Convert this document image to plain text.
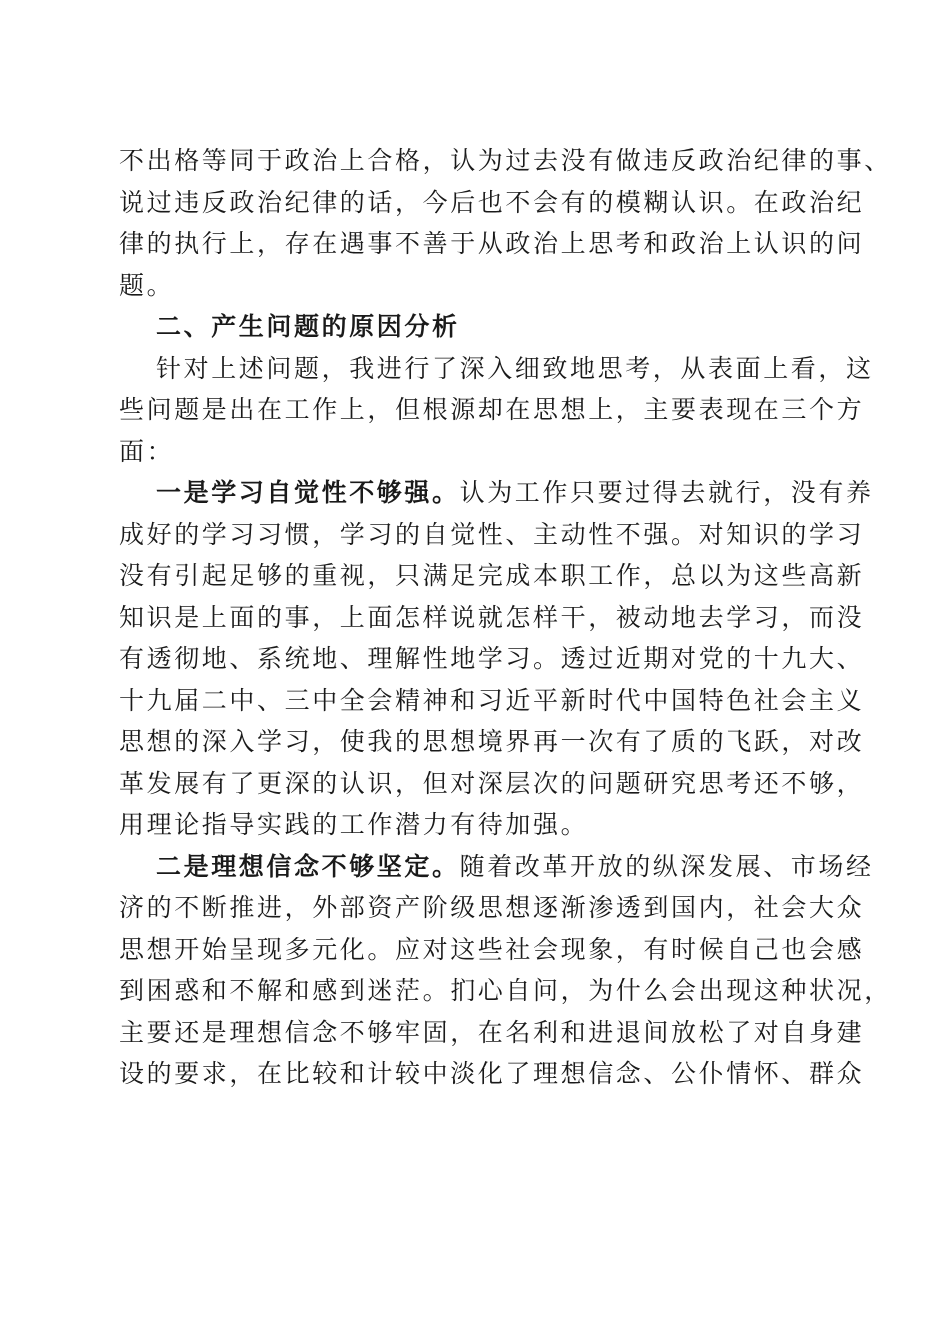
不出格等同于政治上合格，认为过去没有做违反政治纪律的事、
说过违反政治纪律的话，今后也不会有的模糊认识。在政治纪
律的执行上，存在遇事不善于从政治上思考和政治上认识的问
题。
二、产生问题的原因分析
针对上述问题，我进行了深入细致地思考，从表面上看，这
些问题是出在工作上，但根源却在思想上，主要表现在三个方
面：
一是学习自觉性不够强。认为工作只要过得去就行，没有养
成好的学习习惯，学习的自觉性、主动性不强。对知识的学习
没有引起足够的重视，只满足完成本职工作，总以为这些高新
知识是上面的事，上面怎样说就怎样干，被动地去学习，而没
有透彻地、系统地、理解性地学习。透过近期对党的十九大、
十九届二中、三中全会精神和习近平新时代中国特色社会主义
思想的深入学习，使我的思想境界再一次有了质的飞跃，对改
革发展有了更深的认识，但对深层次的问题研究思考还不够，
用理论指导实践的工作潜力有待加强。
二是理想信念不够坚定。随着改革开放的纵深发展、市场经
济的不断推进，外部资产阶级思想逐渐渗透到国内，社会大众
思想开始呈现多元化。应对这些社会现象，有时候自己也会感
到困惑和不解和感到迷茫。扪心自问，为什么会出现这种状况，
主要还是理想信念不够牢固，在名利和进退间放松了对自身建
设的要求，在比较和计较中淡化了理想信念、公仆情怀、群众
